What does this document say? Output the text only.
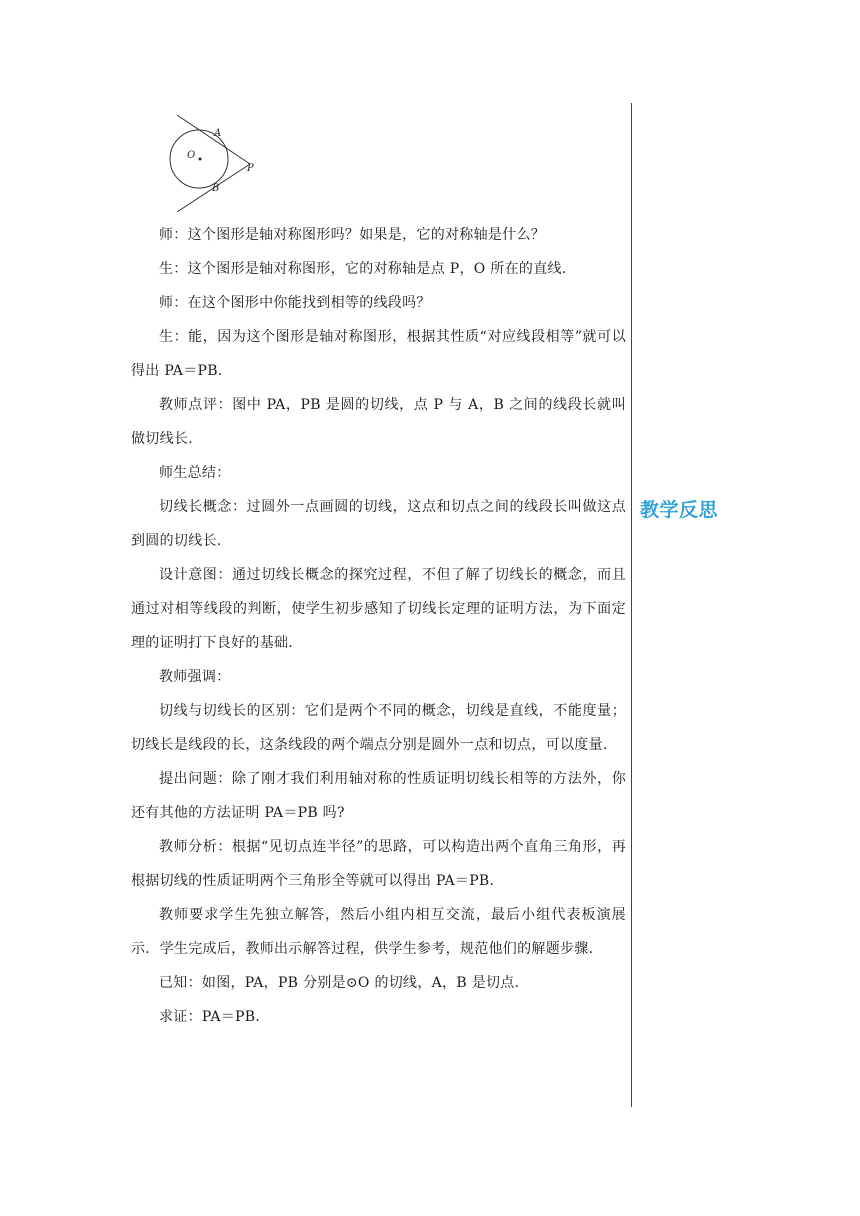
O
A
B
P

师：这个图形是轴对称图形吗？如果是，它的对称轴是什么？

生：这个图形是轴对称图形，它的对称轴是点 P，O 所在的直线.

师：在这个图形中你能找到相等的线段吗？

生：能，因为这个图形是轴对称图形，根据其性质“对应线段相等”就可以得出 PA＝PB.

教师点评：图中 PA，PB 是圆的切线，点 P 与 A，B 之间的线段长就叫做切线长.

师生总结：

切线长概念：过圆外一点画圆的切线，这点和切点之间的线段长叫做这点到圆的切线长.

设计意图：通过切线长概念的探究过程，不但了解了切线长的概念，而且通过对相等线段的判断，使学生初步感知了切线长定理的证明方法，为下面定理的证明打下良好的基础.

教师强调：

切线与切线长的区别：它们是两个不同的概念，切线是直线，不能度量；切线长是线段的长，这条线段的两个端点分别是圆外一点和切点，可以度量.

提出问题：除了刚才我们利用轴对称的性质证明切线长相等的方法外，你还有其他的方法证明 PA＝PB 吗?

教师分析：根据“见切点连半径”的思路，可以构造出两个直角三角形，再根据切线的性质证明两个三角形全等就可以得出 PA＝PB.

教师要求学生先独立解答，然后小组内相互交流，最后小组代表板演展示．学生完成后，教师出示解答过程，供学生参考，规范他们的解题步骤.

已知：如图，PA，PB 分别是⊙O 的切线，A，B 是切点.

求证：PA＝PB.

教学反思
